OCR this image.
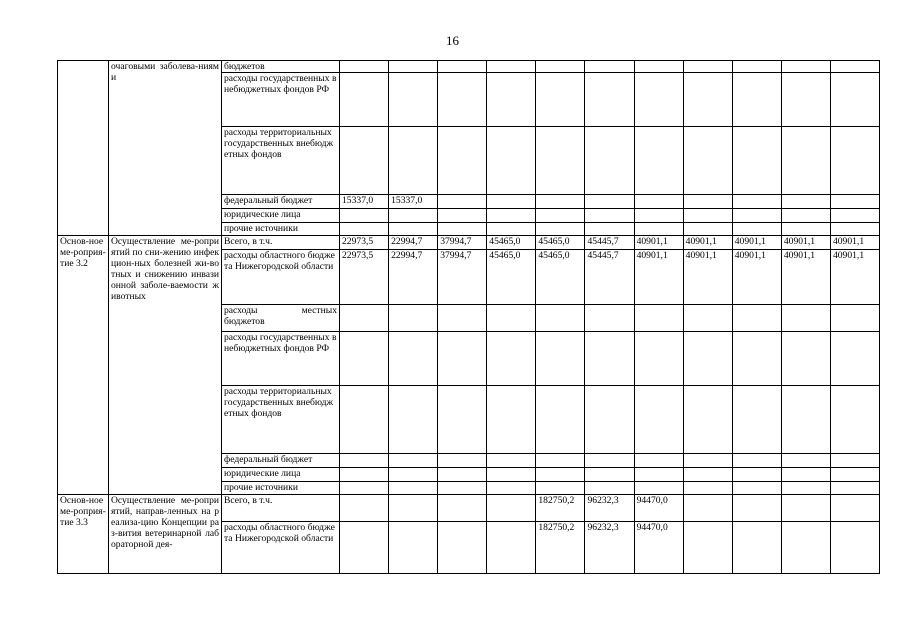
16
	очаговыми заболева-ниями	бюджетов											
		расходы государственных внебюджетных фондов РФ											
		расходы территориальных государственных внебюджетных фондов											
		федеральный бюджет	15337,0	15337,0									
		юридические лица											
		прочие источники											
Основ-ное ме-роприя-тие 3.2	Осуществление ме-роприятий по сни-жению инфекцион-ных болезней жи-вотных и снижению инвазионной заболе-ваемости животных	Всего, в т.ч.	22973,5	22994,7	37994,7	45465,0	45465,0	45445,7	40901,1	40901,1	40901,1	40901,1	40901,1
		расходы областного бюджета Нижегородской области	22973,5	22994,7	37994,7	45465,0	45465,0	45445,7	40901,1	40901,1	40901,1	40901,1	40901,1

		расходы местных
бюджетов											

		расходы государственных внебюджетных фондов РФ											
		расходы территориальных государственных внебюджетных фондов											
		федеральный бюджет											
		юридические лица											
		прочие источники											
Основ-ное ме-роприя-тие 3.3	Осуществление ме-роприятий, направ-ленных на реализа-цию Концепции раз-вития ветеринарной лабораторной дея-	Всего, в т.ч.					182750,2	96232,3	94470,0				
		расходы областного бюджета Нижегородской области					182750,2	96232,3	94470,0				
